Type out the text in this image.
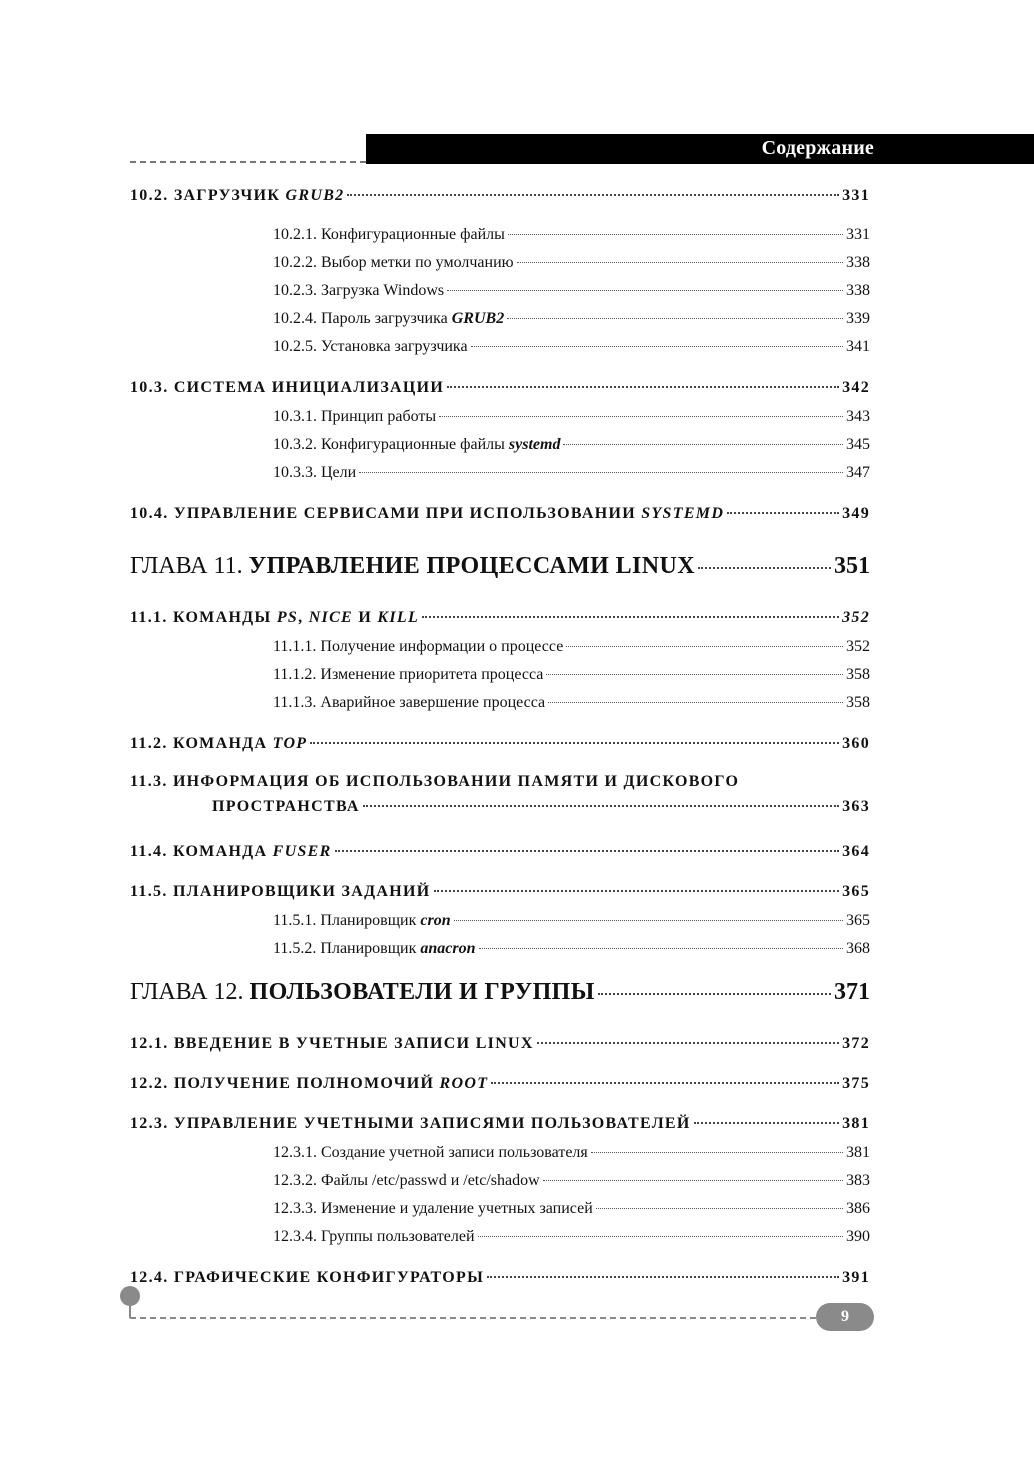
Содержание
10.2. ЗАГРУЗЧИК GRUB2	331
10.2.1. Конфигурационные файлы	331
10.2.2. Выбор метки по умолчанию	338
10.2.3. Загрузка Windows	338
10.2.4. Пароль загрузчика GRUB2	339
10.2.5. Установка загрузчика	341
10.3. СИСТЕМА ИНИЦИАЛИЗАЦИИ	342
10.3.1. Принцип работы	343
10.3.2. Конфигурационные файлы systemd	345
10.3.3. Цели	347
10.4. УПРАВЛЕНИЕ СЕРВИСАМИ ПРИ ИСПОЛЬЗОВАНИИ SYSTEMD	349
ГЛАВА 11. УПРАВЛЕНИЕ ПРОЦЕССАМИ LINUX	351
11.1. КОМАНДЫ PS, NICE И KILL	352
11.1.1. Получение информации о процессе	352
11.1.2. Изменение приоритета процесса	358
11.1.3. Аварийное завершение процесса	358
11.2. КОМАНДА TOP	360
11.3. ИНФОРМАЦИЯ ОБ ИСПОЛЬЗОВАНИИ ПАМЯТИ И ДИСКОВОГО
ПРОСТРАНСТВА	363
11.4. КОМАНДА FUSER	364
11.5. ПЛАНИРОВЩИКИ ЗАДАНИЙ	365
11.5.1. Планировщик cron	365
11.5.2. Планировщик anacron	368
ГЛАВА 12. ПОЛЬЗОВАТЕЛИ И ГРУППЫ	371
12.1. ВВЕДЕНИЕ В УЧЕТНЫЕ ЗАПИСИ LINUX	372
12.2. ПОЛУЧЕНИЕ ПОЛНОМОЧИЙ ROOT	375
12.3. УПРАВЛЕНИЕ УЧЕТНЫМИ ЗАПИСЯМИ ПОЛЬЗОВАТЕЛЕЙ	381
12.3.1. Создание учетной записи пользователя	381
12.3.2. Файлы /etc/passwd и /etc/shadow	383
12.3.3. Изменение и удаление учетных записей	386
12.3.4. Группы пользователей	390
12.4. ГРАФИЧЕСКИЕ КОНФИГУРАТОРЫ	391
9
